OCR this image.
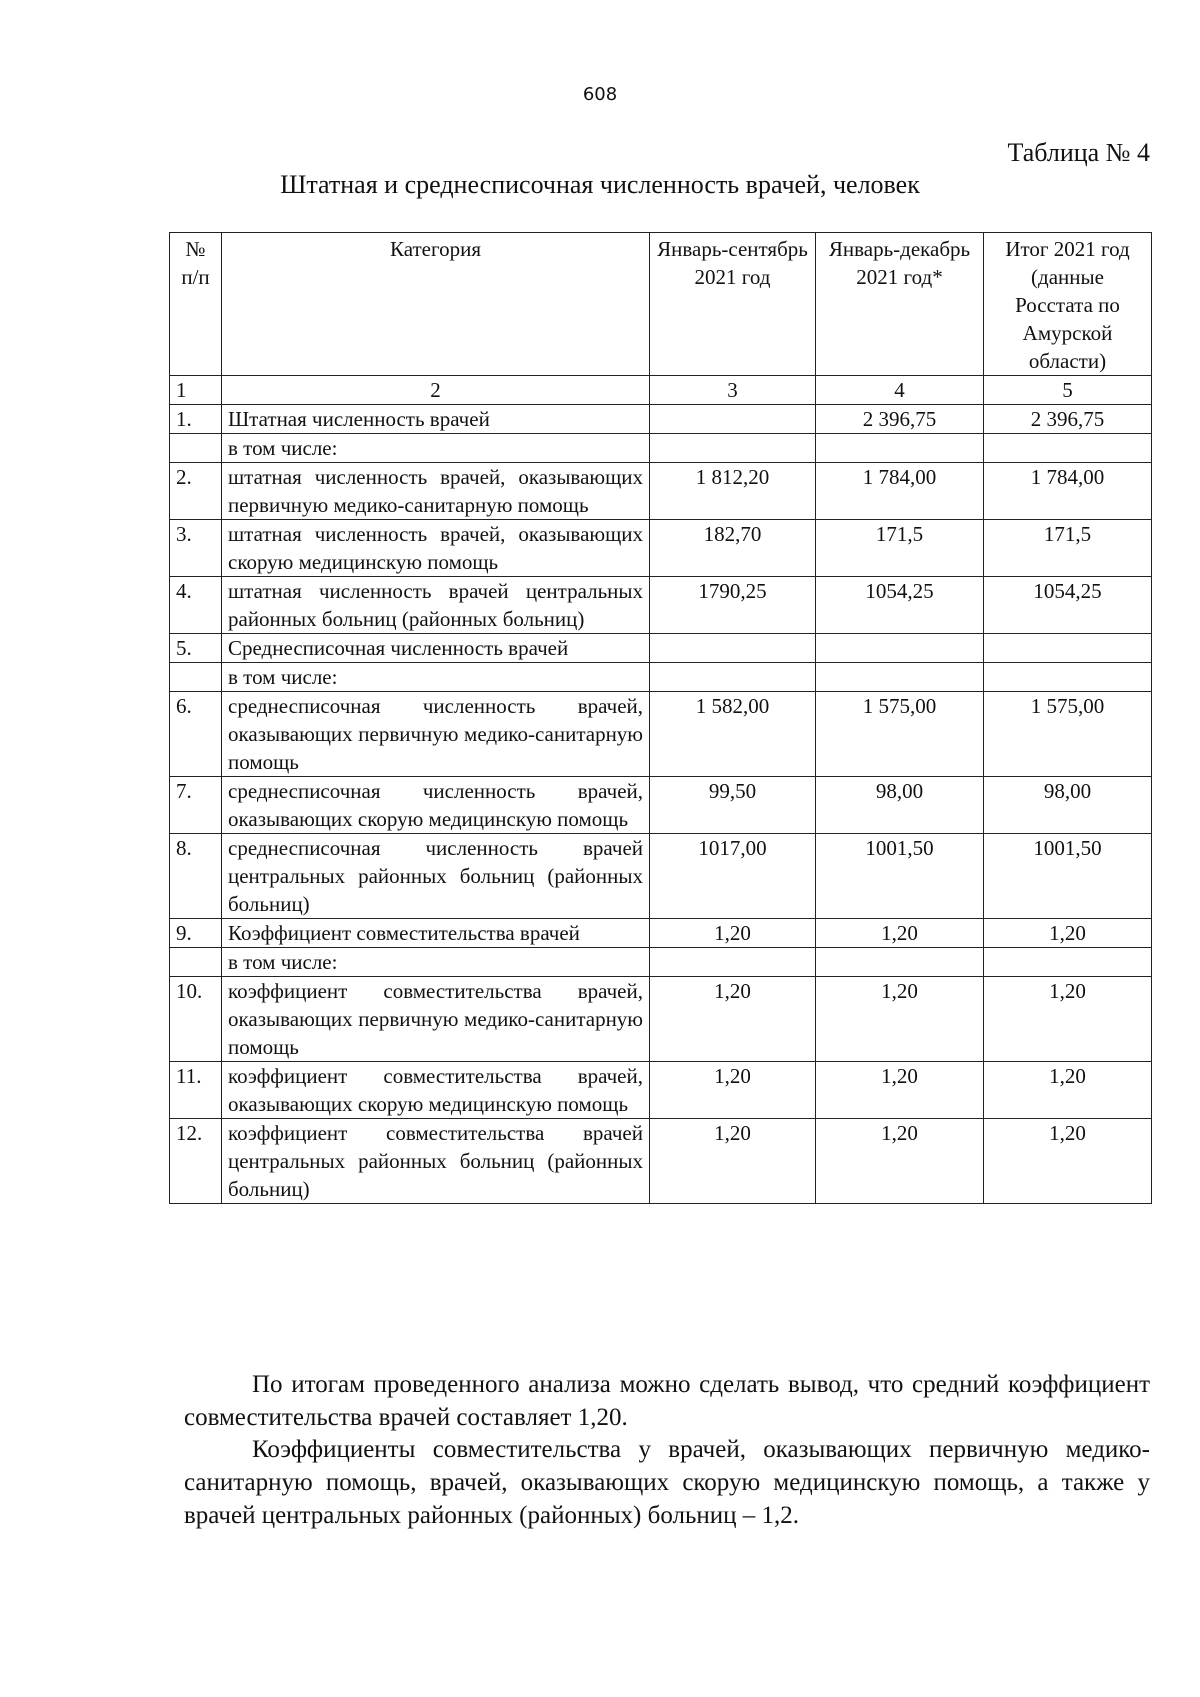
608
Таблица № 4
Штатная и среднесписочная численность врачей, человек
№ п/п	Категория	Январь-сентябрь 2021 год	Январь-декабрь 2021 год*	Итог 2021 год (данные Росстата по Амурской области)
1	2	3	4	5
1.	Штатная численность врачей		2 396,75	2 396,75
	в том числе:			
2.	штатная численность врачей, оказывающих первичную медико-санитарную помощь	1 812,20	1 784,00	1 784,00
3.	штатная численность врачей, оказывающих скорую медицинскую помощь	182,70	171,5	171,5
4.	штатная численность врачей центральных районных больниц (районных больниц)	1790,25	1054,25	1054,25
5.	Среднесписочная численность врачей			
	в том числе:			
6.	среднесписочная численность врачей, оказывающих первичную медико-санитарную помощь	1 582,00	1 575,00	1 575,00
7.	среднесписочная численность врачей, оказывающих скорую медицинскую помощь	99,50	98,00	98,00
8.	среднесписочная численность врачей центральных районных больниц (районных больниц)	1017,00	1001,50	1001,50
9.	Коэффициент совместительства врачей	1,20	1,20	1,20
	в том числе:			
10.	коэффициент совместительства врачей, оказывающих первичную медико-санитарную помощь	1,20	1,20	1,20
11.	коэффициент совместительства врачей, оказывающих скорую медицинскую помощь	1,20	1,20	1,20
12.	коэффициент совместительства врачей центральных районных больниц (районных больниц)	1,20	1,20	1,20
По итогам проведенного анализа можно сделать вывод, что средний коэффициент совместительства врачей составляет 1,20.
Коэффициенты совместительства у врачей, оказывающих первичную медико-санитарную помощь, врачей, оказывающих скорую медицинскую помощь, а также у врачей центральных районных (районных) больниц – 1,2.
